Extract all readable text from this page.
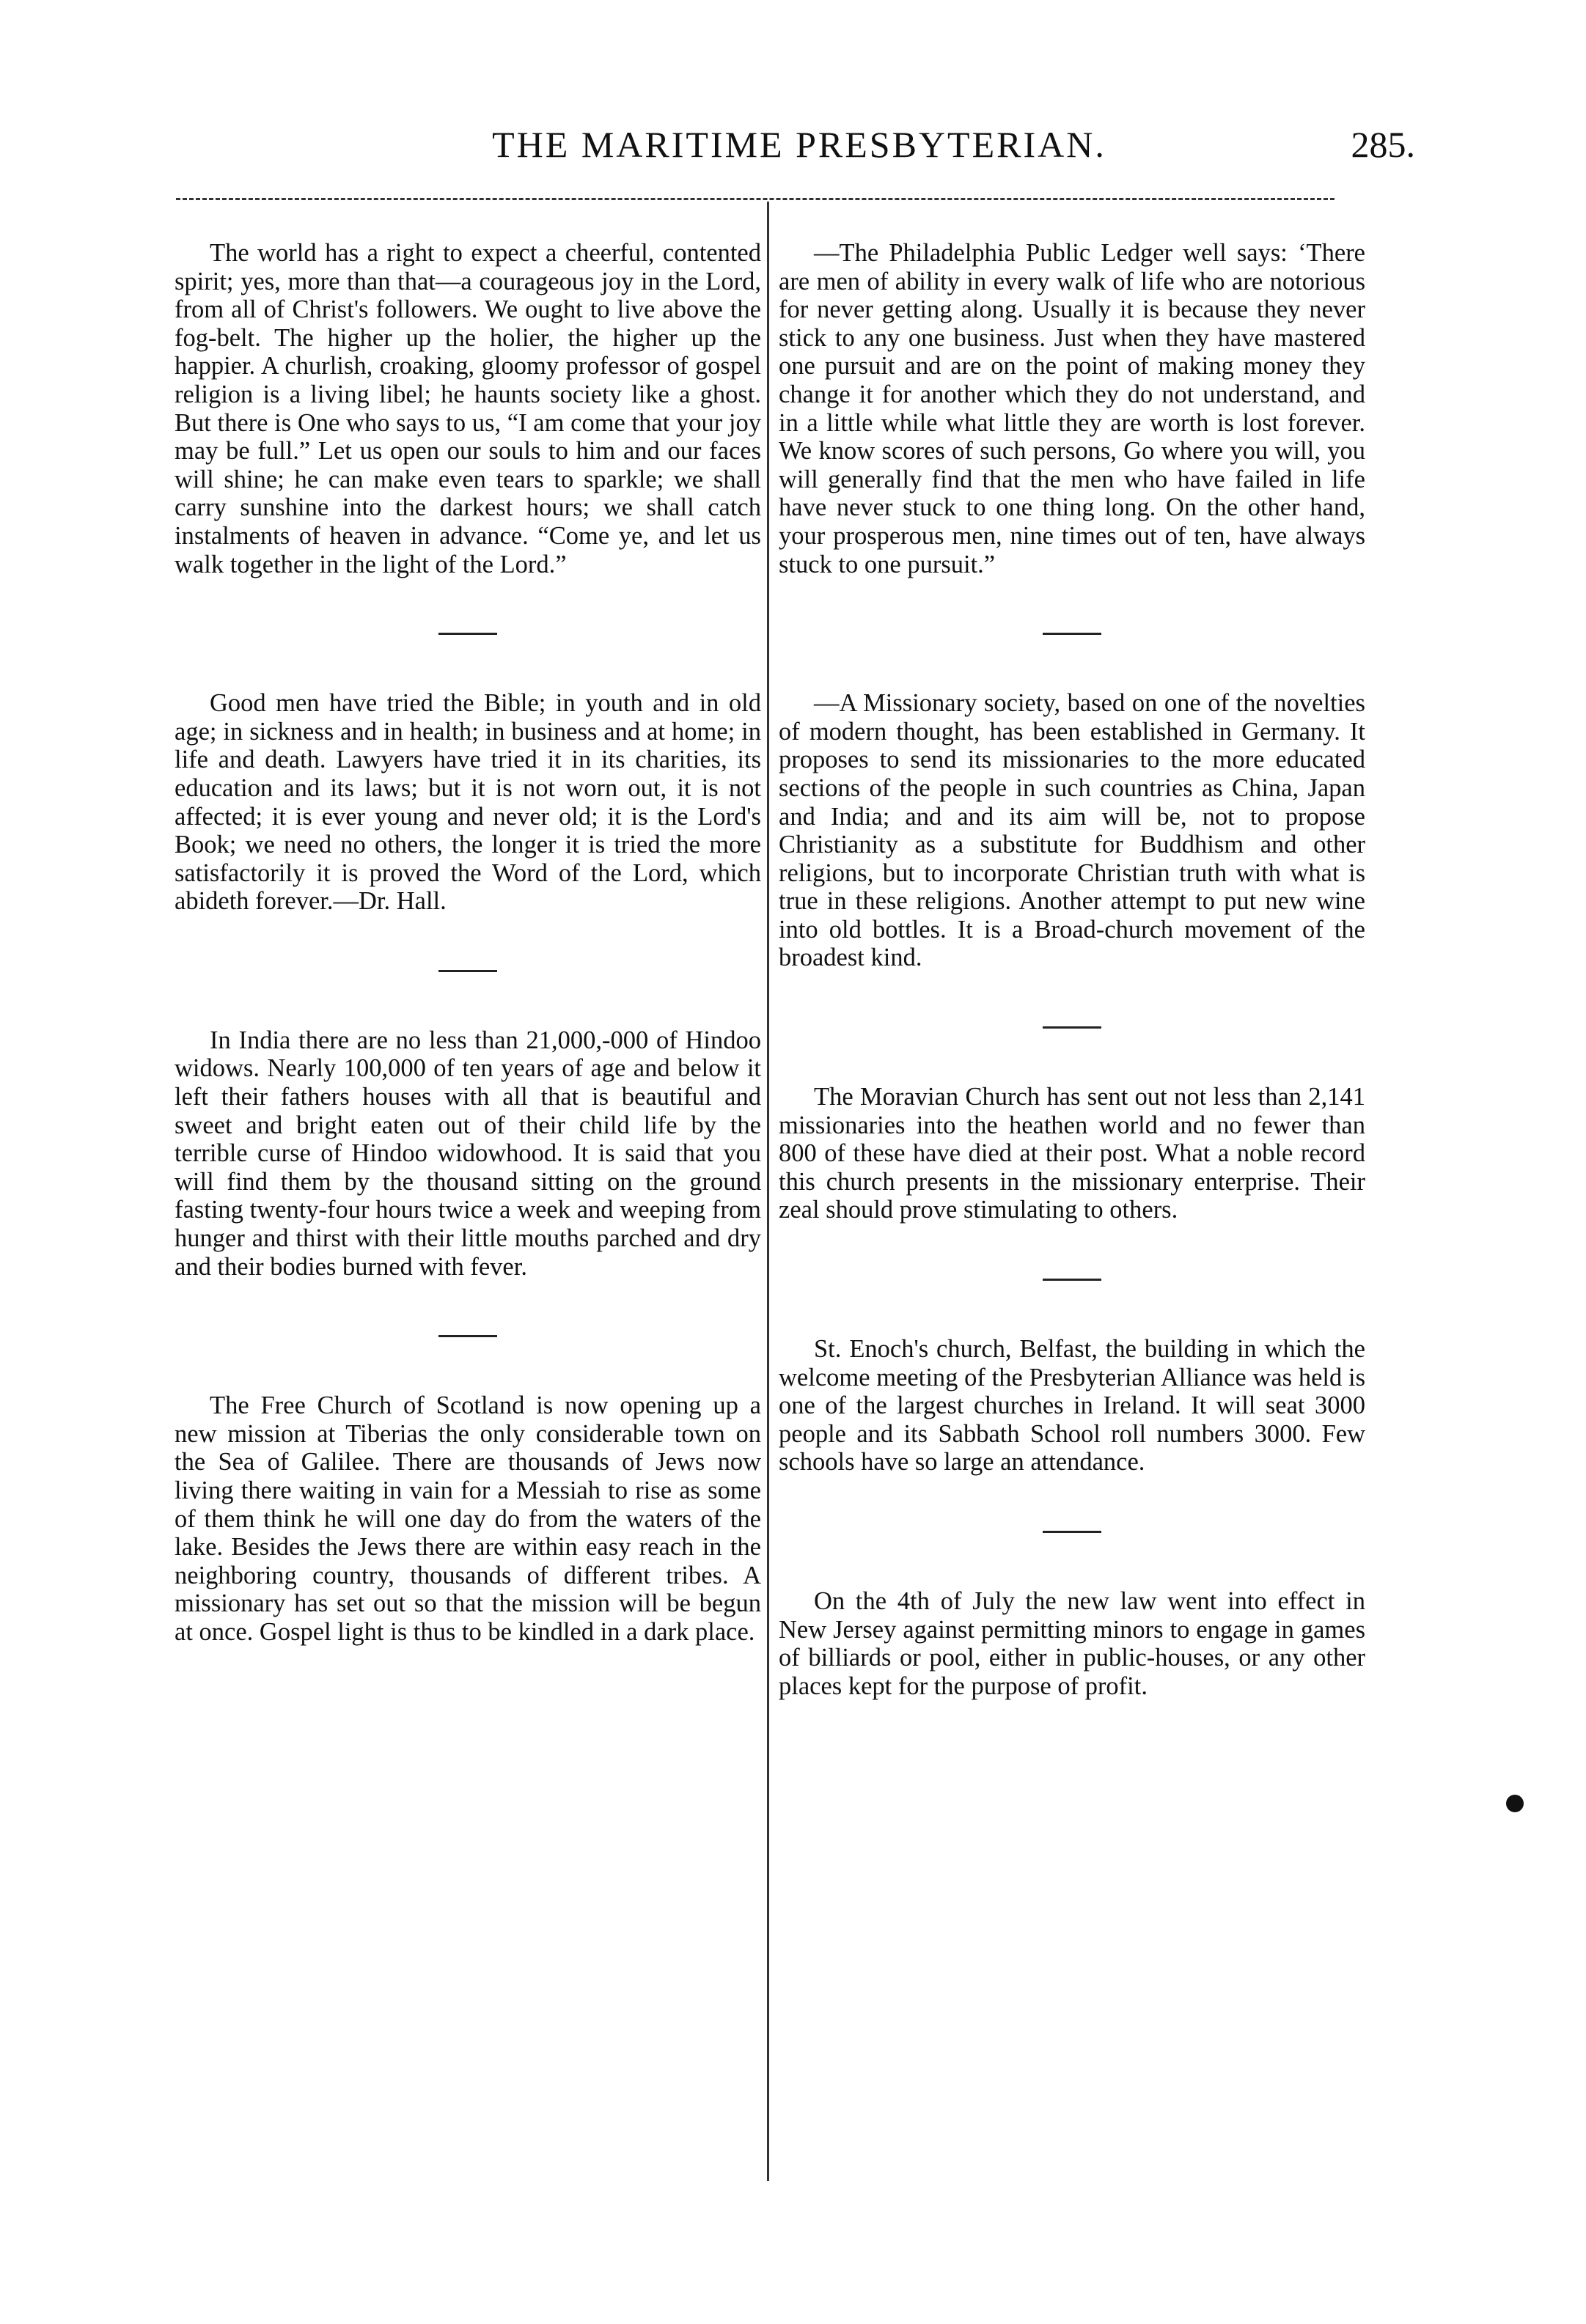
THE MARITIME PRESBYTERIAN.	285.

The world has a right to expect a cheerful, contented spirit; yes, more than that—a courageous joy in the Lord, from all of Christ's followers. We ought to live above the fog-belt. The higher up the holier, the higher up the happier. A churlish, croaking, gloomy professor of gospel religion is a living libel; he haunts society like a ghost. But there is One who says to us, “I am come that your joy may be full.” Let us open our souls to him and our faces will shine; he can make even tears to sparkle; we shall carry sunshine into the darkest hours; we shall catch instalments of heaven in advance. “Come ye, and let us walk together in the light of the Lord.”

Good men have tried the Bible; in youth and in old age; in sickness and in health; in business and at home; in life and death. Lawyers have tried it in its charities, its education and its laws; but it is not worn out, it is not affected; it is ever young and never old; it is the Lord's Book; we need no others, the longer it is tried the more satisfactorily it is proved the Word of the Lord, which abideth forever.—Dr. Hall.

In India there are no less than 21,000,-000 of Hindoo widows. Nearly 100,000 of ten years of age and below it left their fathers houses with all that is beautiful and sweet and bright eaten out of their child life by the terrible curse of Hindoo widowhood. It is said that you will find them by the thousand sitting on the ground fasting twenty-four hours twice a week and weeping from hunger and thirst with their little mouths parched and dry and their bodies burned with fever.

The Free Church of Scotland is now opening up a new mission at Tiberias the only considerable town on the Sea of Galilee. There are thousands of Jews now living there waiting in vain for a Messiah to rise as some of them think he will one day do from the waters of the lake. Besides the Jews there are within easy reach in the neighboring country, thousands of different tribes. A missionary has set out so that the mission will be begun at once. Gospel light is thus to be kindled in a dark place.

—The Philadelphia Public Ledger well says: ‘There are men of ability in every walk of life who are notorious for never getting along. Usually it is because they never stick to any one business. Just when they have mastered one pursuit and are on the point of making money they change it for another which they do not understand, and in a little while what little they are worth is lost forever. We know scores of such persons, Go where you will, you will generally find that the men who have failed in life have never stuck to one thing long. On the other hand, your prosperous men, nine times out of ten, have always stuck to one pursuit.”

—A Missionary society, based on one of the novelties of modern thought, has been established in Germany. It proposes to send its missionaries to the more educated sections of the people in such countries as China, Japan and India; and and its aim will be, not to propose Christianity as a substitute for Buddhism and other religions, but to incorporate Christian truth with what is true in these religions. Another attempt to put new wine into old bottles. It is a Broad-church movement of the broadest kind.

The Moravian Church has sent out not less than 2,141 missionaries into the heathen world and no fewer than 800 of these have died at their post. What a noble record this church presents in the missionary enterprise. Their zeal should prove stimulating to others.

St. Enoch's church, Belfast, the building in which the welcome meeting of the Presbyterian Alliance was held is one of the largest churches in Ireland. It will seat 3000 people and its Sabbath School roll numbers 3000. Few schools have so large an attendance.

On the 4th of July the new law went into effect in New Jersey against permitting minors to engage in games of billiards or pool, either in public-houses, or any other places kept for the purpose of profit.
